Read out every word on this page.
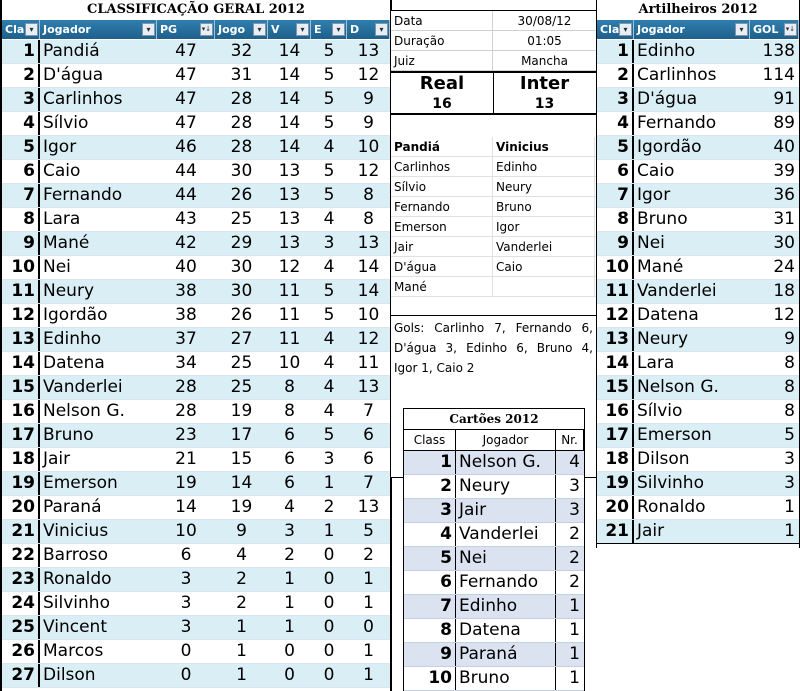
CLASSIFICAÇÃO GERAL 2012
Cla ▾ Jogador	▾ PG	▾↓ Jogo	▾ V	▾ E	▾ D	▾
1 Pandiá	47	32	14	5	13
2 D'água	47	31	14	5	12
3 Carlinhos	47	28	14	5	9
4 Sílvio	47	28	14	5	9
5 Igor	46	28	14	4	10
6 Caio	44	30	13	5	12
7 Fernando	44	26	13	5	8
8 Lara	43	25	13	4	8
9 Mané	42	29	13	3	13
10 Nei	40	30	12	4	14
11 Neury	38	30	11	5	14
12 Igordão	38	26	11	5	10
13 Edinho	37	27	11	4	12
14 Datena	34	25	10	4	11
15 Vanderlei	28	25	8	4	13
16 Nelson G.	28	19	8	4	7
17 Bruno	23	17	6	5	6
18 Jair	21	15	6	3	6
19 Emerson	19	14	6	1	7
20 Paraná	14	19	4	2	13
21 Vinicius	10	9	3	1	5
22 Barroso	6	4	2	0	2
23 Ronaldo	3	2	1	0	1
24 Silvinho	3	2	1	0	1
25 Vincent	3	1	1	0	0
26 Marcos	0	1	0	0	1
27 Dilson	0	1	0	0	1
Data	30/08/12
Duração	01:05
Juiz	Mancha
Real
16
Inter
13
Pandiá	Vinicius
Carlinhos	Edinho
Sílvio	Neury
Fernando	Bruno
Emerson	Igor
Jair	Vanderlei
D'água	Caio
Mané
Gols: Carlinho 7, Fernando 6, D'água 3, Edinho 6, Bruno 4, Igor 1, Caio 2
Cartões 2012
Class	Jogador	Nr.
1 Nelson G.	4
2 Neury	3
3 Jair	3
4 Vanderlei	2
5 Nei	2
6 Fernando	2
7 Edinho	1
8 Datena	1
9 Paraná	1
10 Bruno	1
Artilheiros 2012
Cla ▾ Jogador	▾ GOL ▾↓
1 Edinho	138
2 Carlinhos	114
3 D'água	91
4 Fernando	89
5 Igordão	40
6 Caio	39
7 Igor	36
8 Bruno	31
9 Nei	30
10 Mané	24
11 Vanderlei	18
12 Datena	12
13 Neury	9
14 Lara	8
15 Nelson G.	8
16 Sílvio	8
17 Emerson	5
18 Dilson	3
19 Silvinho	3
20 Ronaldo	1
21 Jair	1
